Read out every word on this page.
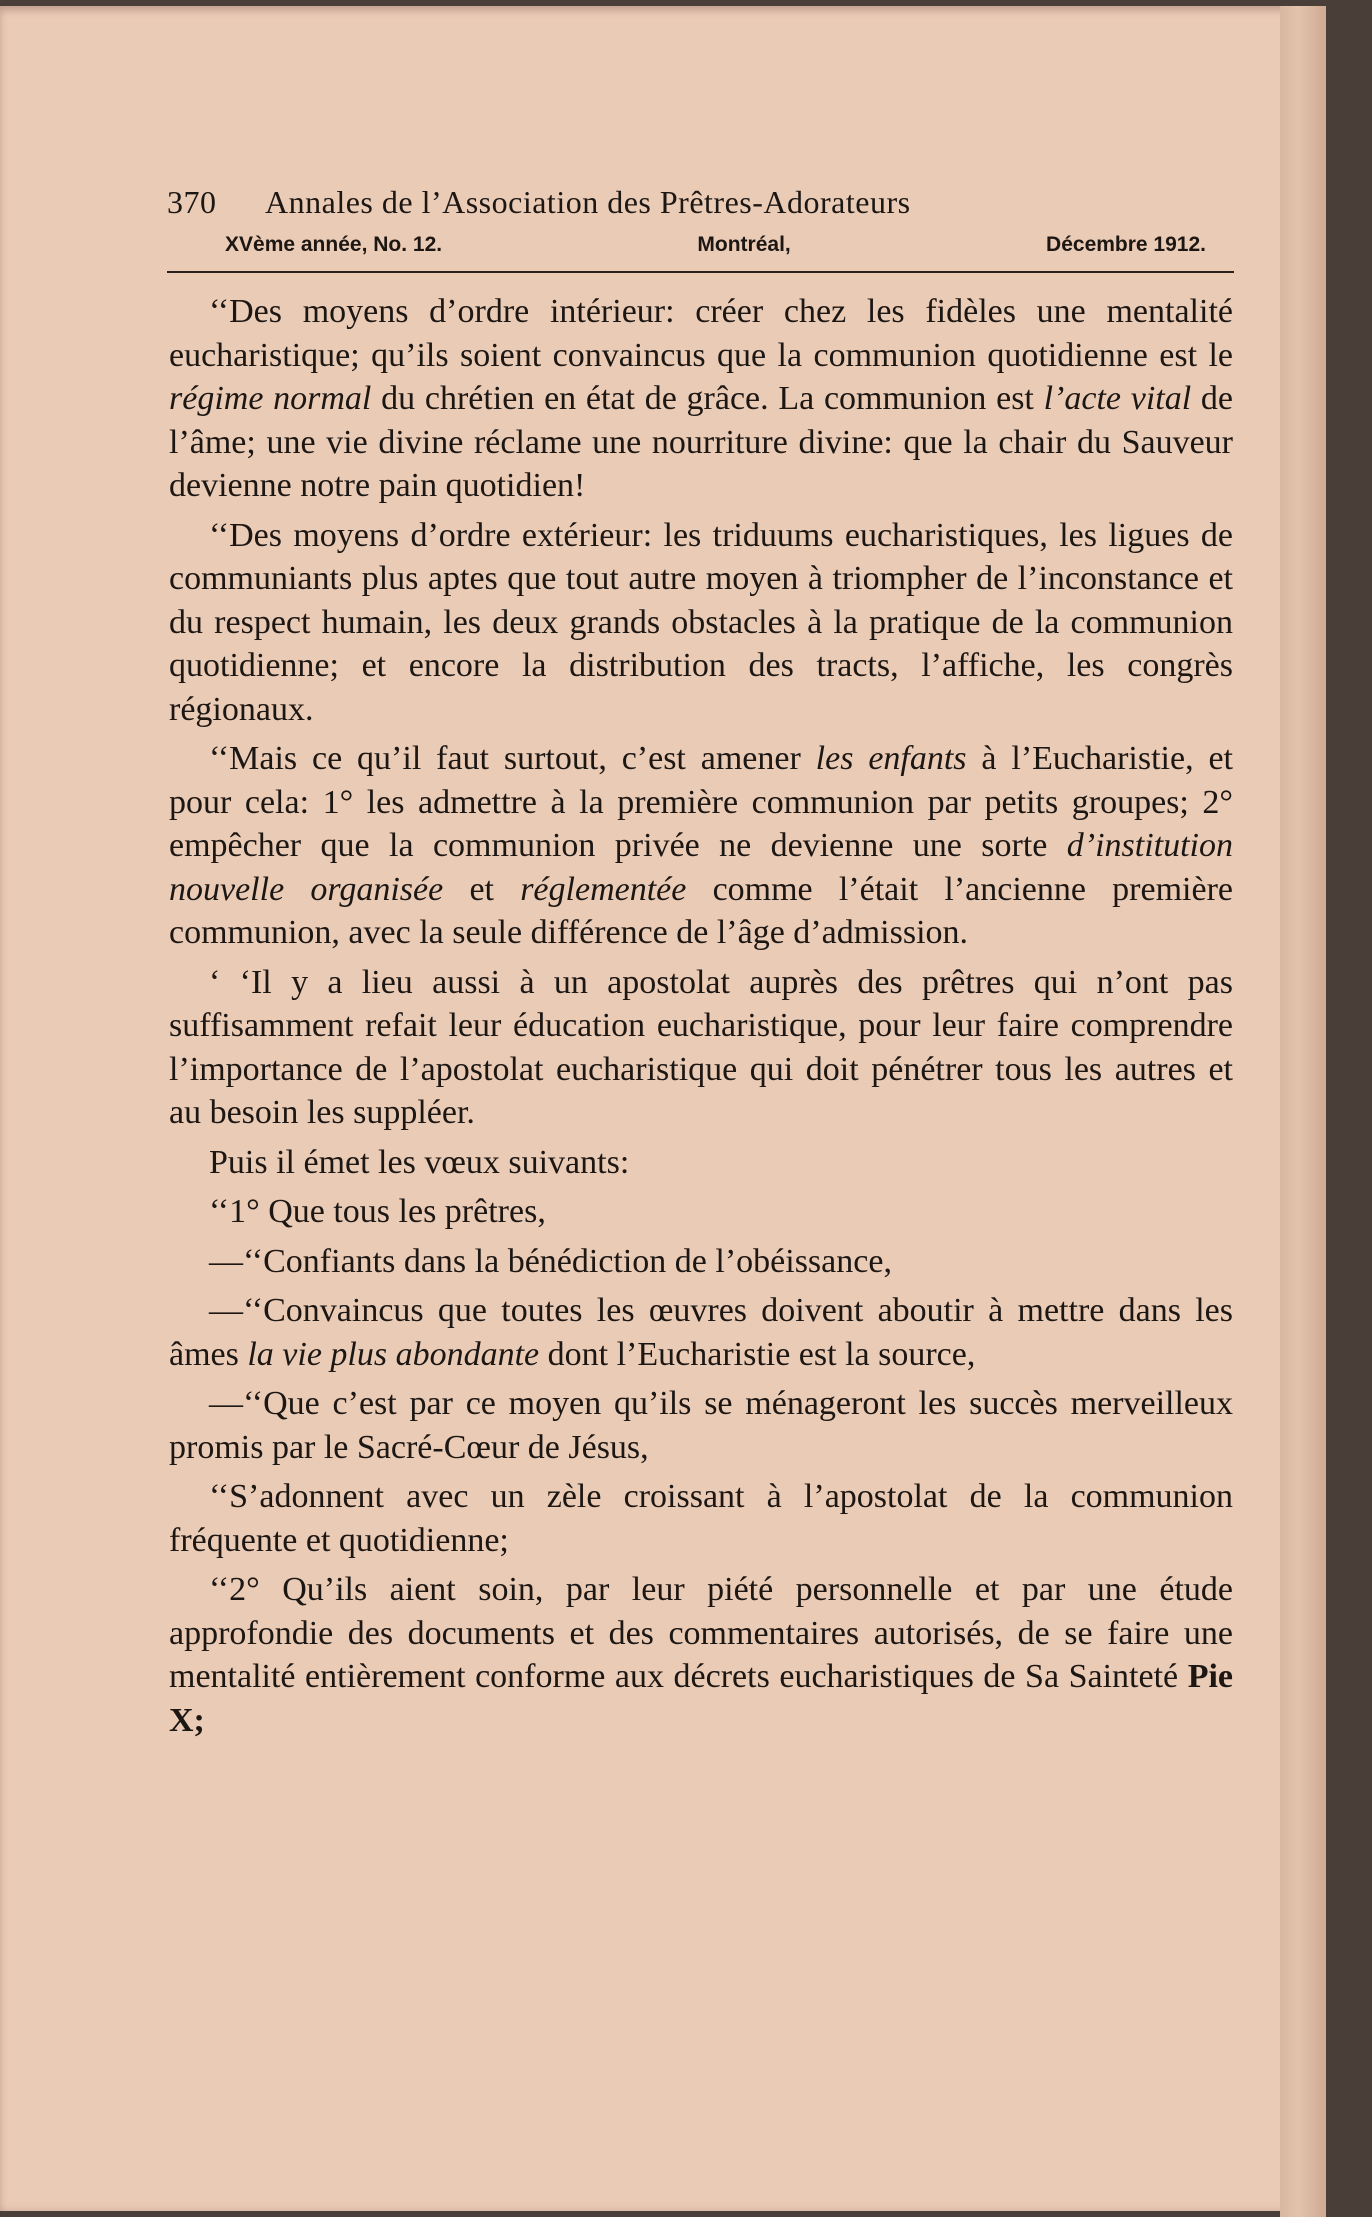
370	Annales de l’Association des Prêtres-Adorateurs
XVème année, No. 12.	Montréal,	Décembre 1912.

‘‘Des moyens d’ordre intérieur: créer chez les fidèles une mentalité eucharistique; qu’ils soient convaincus que la communion quotidienne est le régime normal du chrétien en état de grâce. La communion est l’acte vital de l’âme; une vie divine réclame une nourriture divine: que la chair du Sauveur devienne notre pain quotidien!

‘‘Des moyens d’ordre extérieur: les triduums eucharistiques, les ligues de communiants plus aptes que tout autre moyen à triompher de l’inconstance et du respect humain, les deux grands obstacles à la pratique de la communion quotidienne; et encore la distribution des tracts, l’affiche, les congrès régionaux.

‘‘Mais ce qu’il faut surtout, c’est amener les enfants à l’Eucharistie, et pour cela: 1° les admettre à la première communion par petits groupes; 2° empêcher que la communion privée ne devienne une sorte d’institution nouvelle organisée et réglementée comme l’était l’ancienne première communion, avec la seule différence de l’âge d’admission.

‘ ‘Il y a lieu aussi à un apostolat auprès des prêtres qui n’ont pas suffisamment refait leur éducation eucharistique, pour leur faire comprendre l’importance de l’apostolat eucharistique qui doit pénétrer tous les autres et au besoin les suppléer.

Puis il émet les vœux suivants:

‘‘1° Que tous les prêtres,

—‘‘Confiants dans la bénédiction de l’obéissance,

—‘‘Convaincus que toutes les œuvres doivent aboutir à mettre dans les âmes la vie plus abondante dont l’Eucharistie est la source,

—‘‘Que c’est par ce moyen qu’ils se ménageront les succès merveilleux promis par le Sacré-Cœur de Jésus,

‘‘S’adonnent avec un zèle croissant à l’apostolat de la communion fréquente et quotidienne;

‘‘2° Qu’ils aient soin, par leur piété personnelle et par une étude approfondie des documents et des commentaires autorisés, de se faire une mentalité entièrement conforme aux décrets eucharistiques de Sa Sainteté Pie X;
